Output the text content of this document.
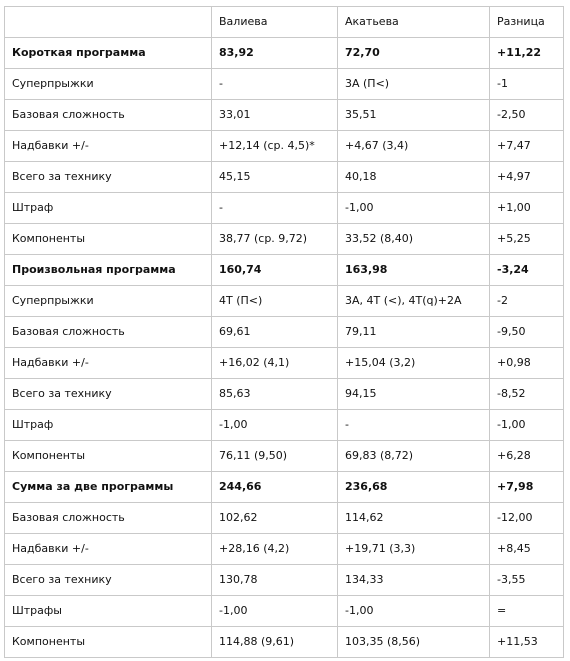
	Валиева	Акатьева	Разница
Короткая программа	83,92	72,70	+11,22
Суперпрыжки	-	3A (П<)	-1
Базовая сложность	33,01	35,51	-2,50
Надбавки +/-	+12,14 (ср. 4,5)*	+4,67 (3,4)	+7,47
Всего за технику	45,15	40,18	+4,97
Штраф	-	-1,00	+1,00
Компоненты	38,77 (ср. 9,72)	33,52 (8,40)	+5,25
Произвольная программа	160,74	163,98	-3,24
Суперпрыжки	4T (П<)	3A, 4T (<), 4T(q)+2A	-2
Базовая сложность	69,61	79,11	-9,50
Надбавки +/-	+16,02 (4,1)	+15,04 (3,2)	+0,98
Всего за технику	85,63	94,15	-8,52
Штраф	-1,00	-	-1,00
Компоненты	76,11 (9,50)	69,83 (8,72)	+6,28
Сумма за две программы	244,66	236,68	+7,98
Базовая сложность	102,62	114,62	-12,00
Надбавки +/-	+28,16 (4,2)	+19,71 (3,3)	+8,45
Всего за технику	130,78	134,33	-3,55
Штрафы	-1,00	-1,00	=
Компоненты	114,88 (9,61)	103,35 (8,56)	+11,53
